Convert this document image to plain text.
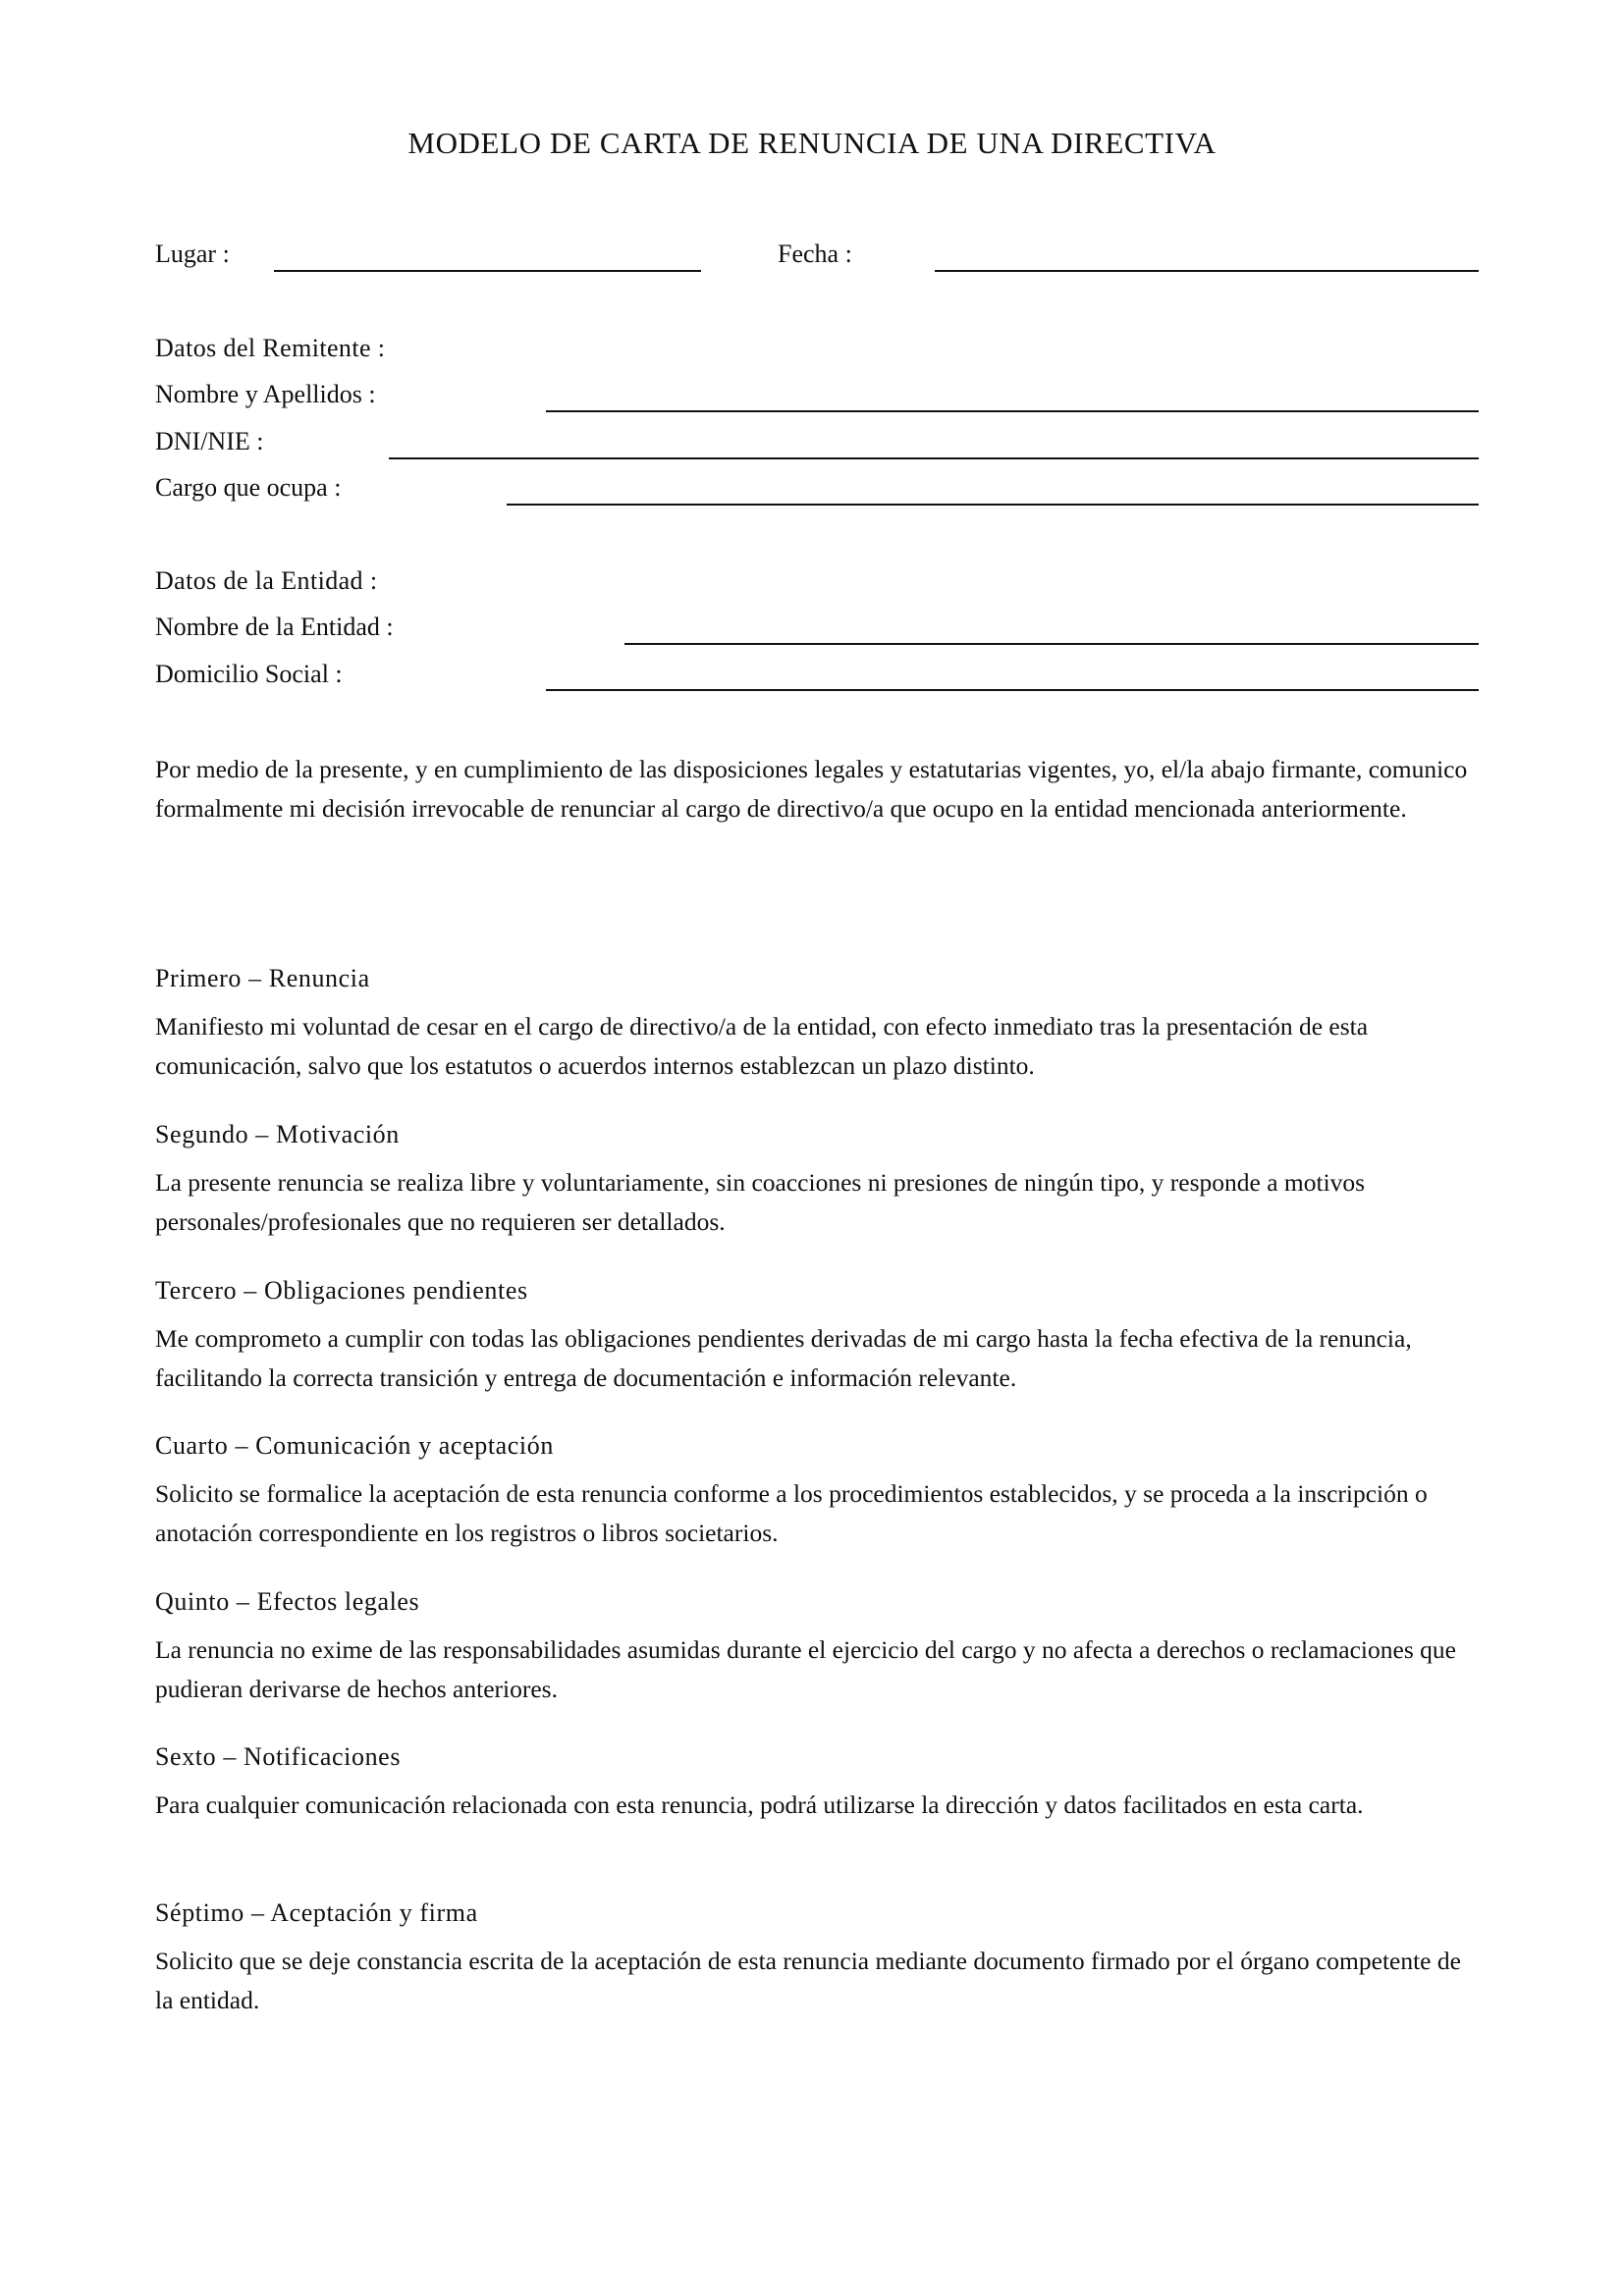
MODELO DE CARTA DE RENUNCIA DE UNA DIRECTIVA
Lugar :	Fecha :
Datos del Remitente :
Nombre y Apellidos :
DNI/NIE :
Cargo que ocupa :
Datos de la Entidad :
Nombre de la Entidad :
Domicilio Social :
Por medio de la presente, y en cumplimiento de las disposiciones legales y estatutarias vigentes, yo, el/la abajo firmante, comunico formalmente mi decisión irrevocable de renunciar al cargo de directivo/a que ocupo en la entidad mencionada anteriormente.
Primero – Renuncia
Manifiesto mi voluntad de cesar en el cargo de directivo/a de la entidad, con efecto inmediato tras la presentación de esta comunicación, salvo que los estatutos o acuerdos internos establezcan un plazo distinto.
Segundo – Motivación
La presente renuncia se realiza libre y voluntariamente, sin coacciones ni presiones de ningún tipo, y responde a motivos personales/profesionales que no requieren ser detallados.
Tercero – Obligaciones pendientes
Me comprometo a cumplir con todas las obligaciones pendientes derivadas de mi cargo hasta la fecha efectiva de la renuncia, facilitando la correcta transición y entrega de documentación e información relevante.
Cuarto – Comunicación y aceptación
Solicito se formalice la aceptación de esta renuncia conforme a los procedimientos establecidos, y se proceda a la inscripción o anotación correspondiente en los registros o libros societarios.
Quinto – Efectos legales
La renuncia no exime de las responsabilidades asumidas durante el ejercicio del cargo y no afecta a derechos o reclamaciones que pudieran derivarse de hechos anteriores.
Sexto – Notificaciones
Para cualquier comunicación relacionada con esta renuncia, podrá utilizarse la dirección y datos facilitados en esta carta.
Séptimo – Aceptación y firma
Solicito que se deje constancia escrita de la aceptación de esta renuncia mediante documento firmado por el órgano competente de la entidad.
